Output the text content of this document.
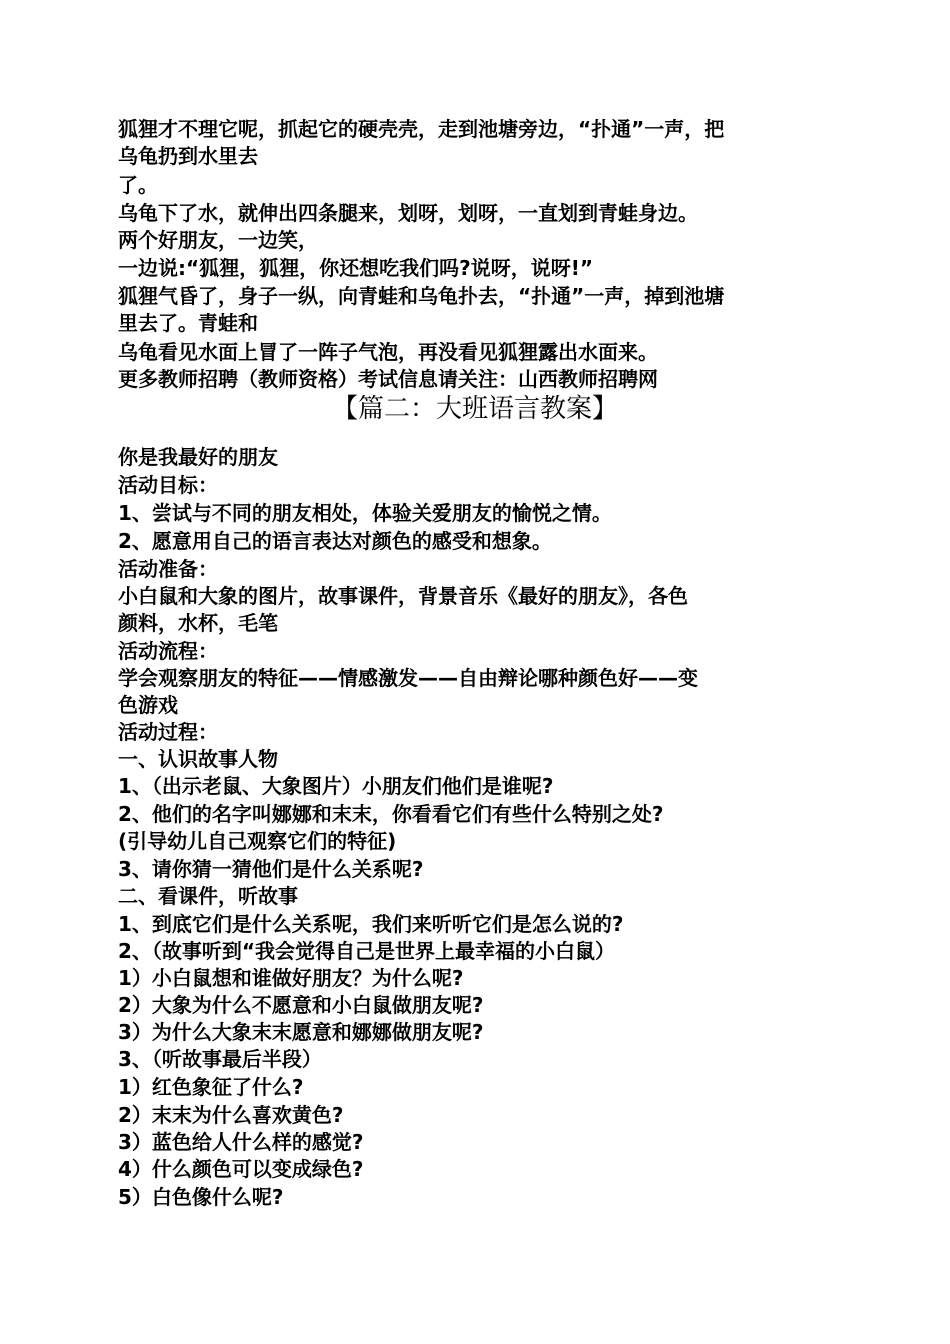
狐狸才不理它呢，抓起它的硬壳壳，走到池塘旁边，“扑通”一声，把
乌龟扔到水里去
了。
乌龟下了水，就伸出四条腿来，划呀，划呀，一直划到青蛙身边。
两个好朋友，一边笑，
一边说:“狐狸，狐狸，你还想吃我们吗?说呀，说呀!”
狐狸气昏了，身子一纵，向青蛙和乌龟扑去，“扑通”一声，掉到池塘
里去了。青蛙和
乌龟看见水面上冒了一阵子气泡，再没看见狐狸露出水面来。
更多教师招聘（教师资格）考试信息请关注：山西教师招聘网
【篇二：大班语言教案】
你是我最好的朋友
活动目标：
1、尝试与不同的朋友相处，体验关爱朋友的愉悦之情。
2、愿意用自己的语言表达对颜色的感受和想象。
活动准备：
小白鼠和大象的图片，故事课件，背景音乐《最好的朋友》，各色
颜料，水杯，毛笔
活动流程：
学会观察朋友的特征——情感激发——自由辩论哪种颜色好——变
色游戏
活动过程：
一、认识故事人物
1、（出示老鼠、大象图片）小朋友们他们是谁呢?
2、他们的名字叫娜娜和末末，你看看它们有些什么特别之处?
(引导幼儿自己观察它们的特征)
3、请你猜一猜他们是什么关系呢?
二、看课件，听故事
1、到底它们是什么关系呢，我们来听听它们是怎么说的?
2、（故事听到“我会觉得自己是世界上最幸福的小白鼠）
1）小白鼠想和谁做好朋友？为什么呢?
2）大象为什么不愿意和小白鼠做朋友呢?
3）为什么大象末末愿意和娜娜做朋友呢?
3、（听故事最后半段）
1）红色象征了什么?
2）末末为什么喜欢黄色?
3）蓝色给人什么样的感觉?
4）什么颜色可以变成绿色?
5）白色像什么呢?
